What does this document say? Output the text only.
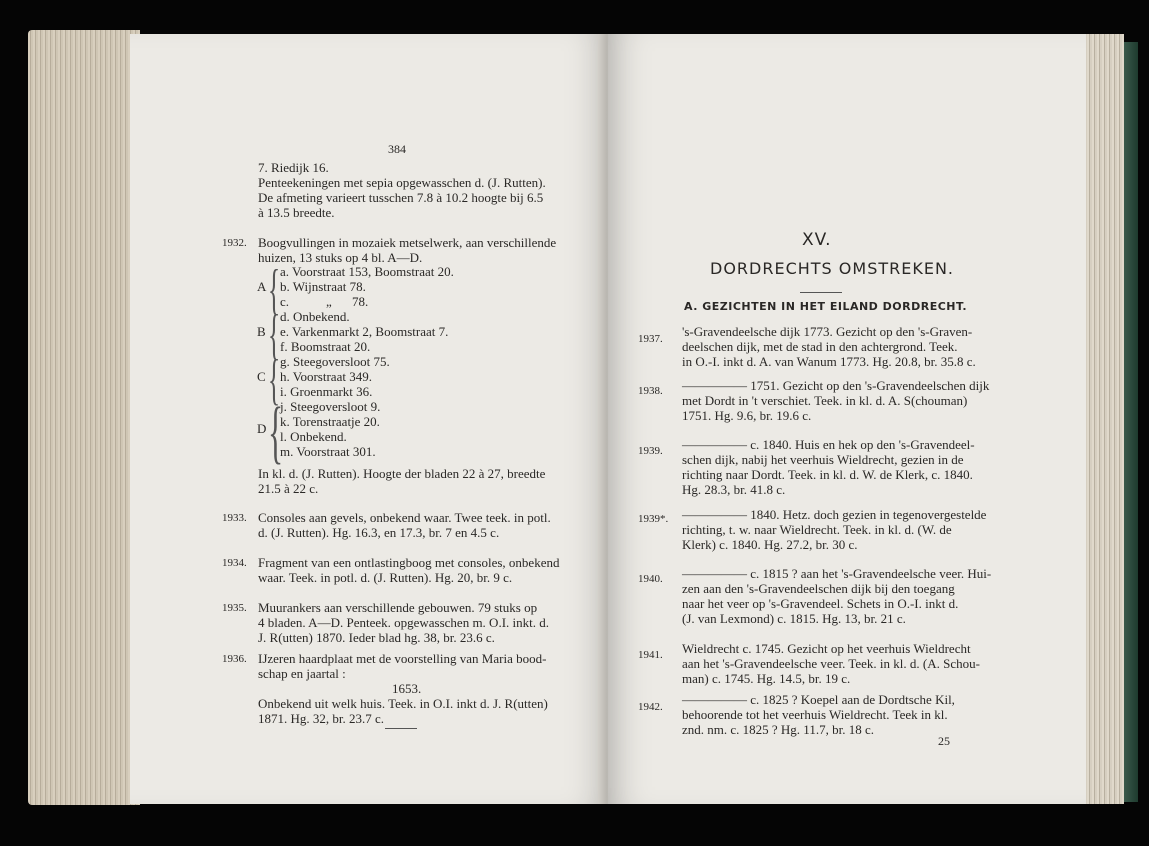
384
7. Riedijk 16.
Penteekeningen met sepia opgewasschen d. (J. Rutten).
De afmeting varieert tusschen 7.8 à 10.2 hoogte bij 6.5
à 13.5 breedte.
1932. Boogvullingen in mozaiek metselwerk, aan verschillende
huizen, 13 stuks op 4 bl. A—D.
A { a. Voorstraat 153, Boomstraat 20.
b. Wijnstraat 78.
c.	„ 78.
B { d. Onbekend.
e. Varkenmarkt 2, Boomstraat 7.
f. Boomstraat 20.
C { g. Steegoversloot 75.
h. Voorstraat 349.
i. Groenmarkt 36.
D {
j. Steegoversloot 9.
k. Torenstraatje 20.
l. Onbekend.
m. Voorstraat 301.
In kl. d. (J. Rutten). Hoogte der bladen 22 à 27, breedte
21.5 à 22 c.
1933. Consoles aan gevels, onbekend waar. Twee teek. in potl.
d. (J. Rutten). Hg. 16.3, en 17.3, br. 7 en 4.5 c.
1934. Fragment van een ontlastingboog met consoles, onbekend
waar. Teek. in potl. d. (J. Rutten). Hg. 20, br. 9 c.
1935. Muurankers aan verschillende gebouwen. 79 stuks op
4 bladen. A—D. Penteek. opgewasschen m. O.I. inkt. d.
J. R(utten) 1870. Ieder blad hg. 38, br. 23.6 c.
1936. IJzeren haardplaat met de voorstelling van Maria bood-
schap en jaartal :
1653.
Onbekend uit welk huis. Teek. in O.I. inkt d. J. R(utten)
1871. Hg. 32, br. 23.7 c.
XV.
DORDRECHTS OMSTREKEN.
A. GEZICHTEN IN HET EILAND DORDRECHT.
1937. 's-Gravendeelsche dijk 1773. Gezicht op den 's-Graven-
deelschen dijk, met de stad in den achtergrond. Teek.
in O.-I. inkt d. A. van Wanum 1773. Hg. 20.8, br. 35.8 c.
1938. ————— 1751. Gezicht op den 's-Gravendeelschen dijk
met Dordt in 't verschiet. Teek. in kl. d. A. S(chouman)
1751. Hg. 9.6, br. 19.6 c.
1939. ————— c. 1840. Huis en hek op den 's-Gravendeel-
schen dijk, nabij het veerhuis Wieldrecht, gezien in de
richting naar Dordt. Teek. in kl. d. W. de Klerk, c. 1840.
Hg. 28.3, br. 41.8 c.
1939*. ————— 1840. Hetz. doch gezien in tegenovergestelde
richting, t. w. naar Wieldrecht. Teek. in kl. d. (W. de
Klerk) c. 1840. Hg. 27.2, br. 30 c.
1940. ————— c. 1815 ? aan het 's-Gravendeelsche veer. Hui-
zen aan den 's-Gravendeelschen dijk bij den toegang
naar het veer op 's-Gravendeel. Schets in O.-I. inkt d.
(J. van Lexmond) c. 1815. Hg. 13, br. 21 c.
1941. Wieldrecht c. 1745. Gezicht op het veerhuis Wieldrecht
aan het 's-Gravendeelsche veer. Teek. in kl. d. (A. Schou-
man) c. 1745. Hg. 14.5, br. 19 c.
1942. ————— c. 1825 ? Koepel aan de Dordtsche Kil,
behoorende tot het veerhuis Wieldrecht. Teek in kl.
znd. nm. c. 1825 ? Hg. 11.7, br. 18 c.
25
